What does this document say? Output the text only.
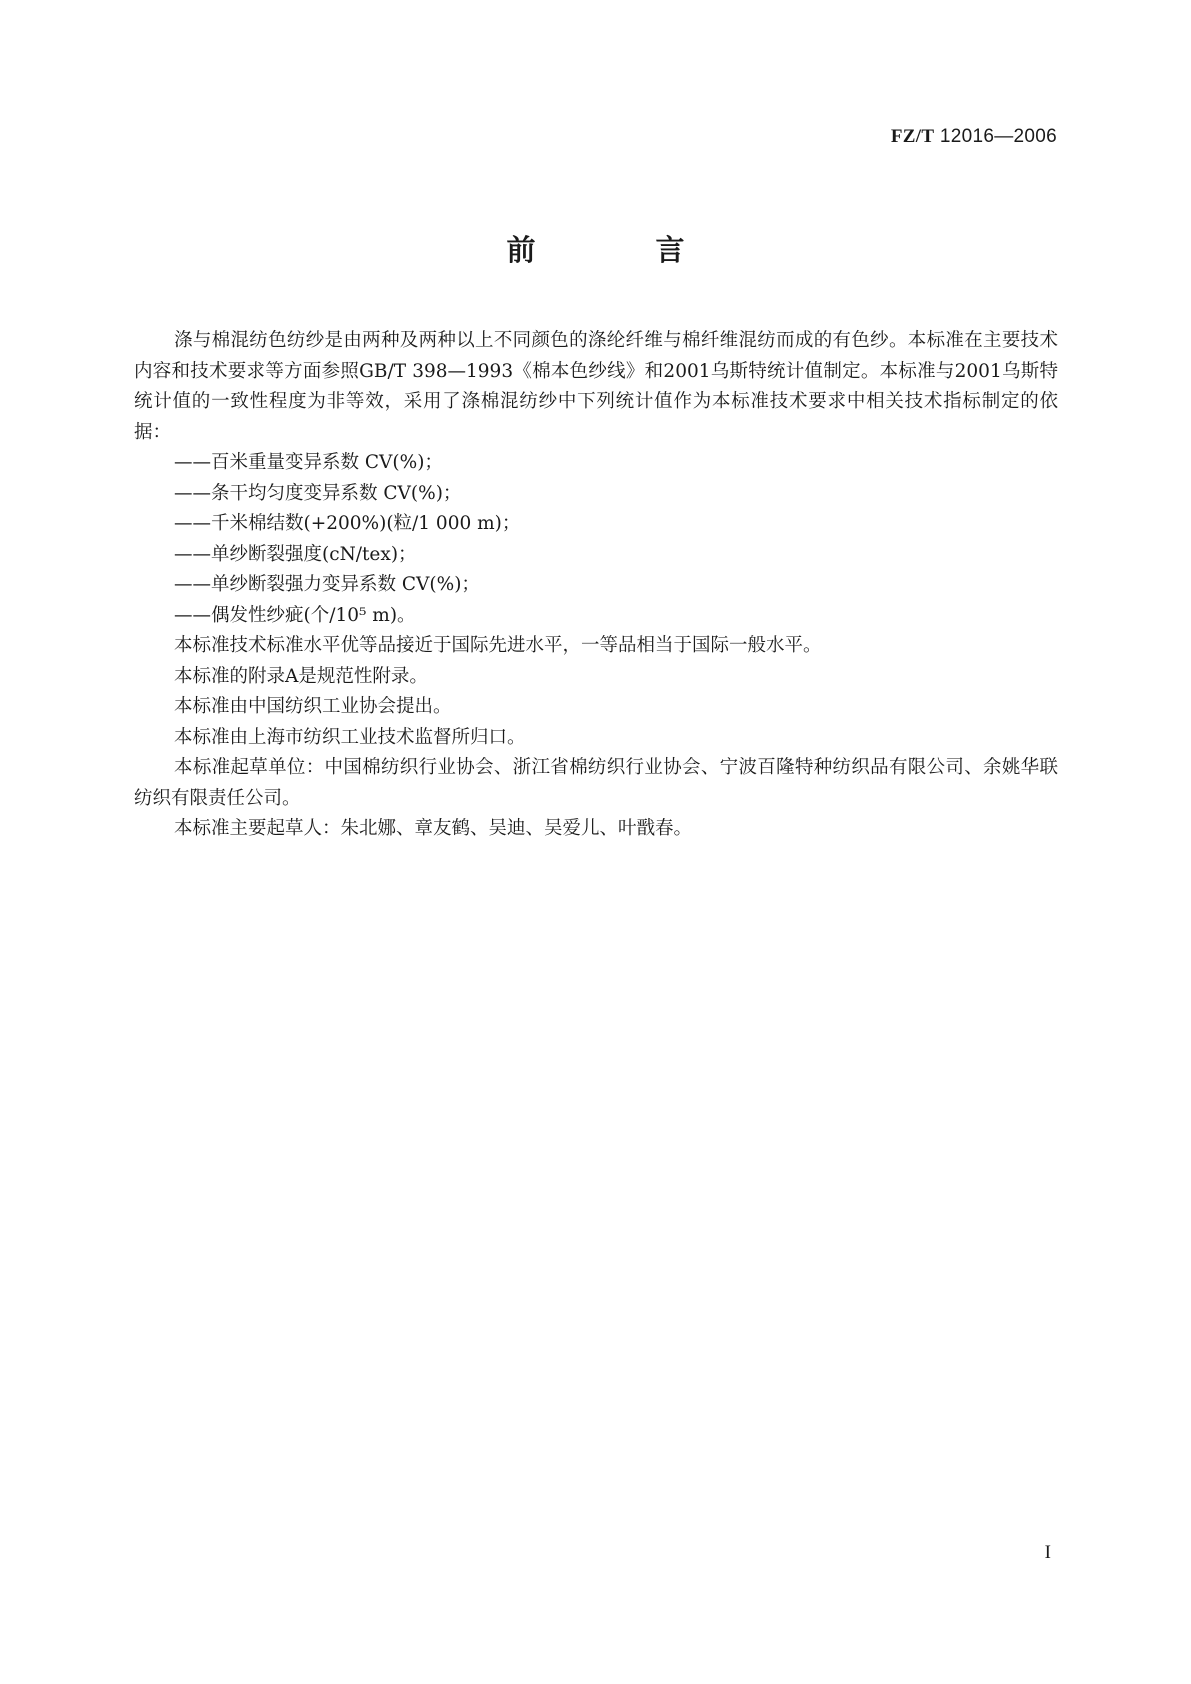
FZ/T 12016—2006
前 言

涤与棉混纺色纺纱是由两种及两种以上不同颜色的涤纶纤维与棉纤维混纺而成的有色纱。本标准在主要技术内容和技术要求等方面参照GB/T 398—1993《棉本色纱线》和2001乌斯特统计值制定。本标准与2001乌斯特统计值的一致性程度为非等效，采用了涤棉混纺纱中下列统计值作为本标准技术要求中相关技术指标制定的依据：

——百米重量变异系数 CV(%)；

——条干均匀度变异系数 CV(%)；

——千米棉结数(+200%)(粒/1 000 m)；

——单纱断裂强度(cN/tex)；

——单纱断裂强力变异系数 CV(%)；

——偶发性纱疵(个/10⁵ m)。

本标准技术标准水平优等品接近于国际先进水平，一等品相当于国际一般水平。

本标准的附录A是规范性附录。

本标准由中国纺织工业协会提出。

本标准由上海市纺织工业技术监督所归口。

本标准起草单位：中国棉纺织行业协会、浙江省棉纺织行业协会、宁波百隆特种纺织品有限公司、余姚华联纺织有限责任公司。

本标准主要起草人：朱北娜、章友鹤、吴迪、吴爱儿、叶戬春。

I
